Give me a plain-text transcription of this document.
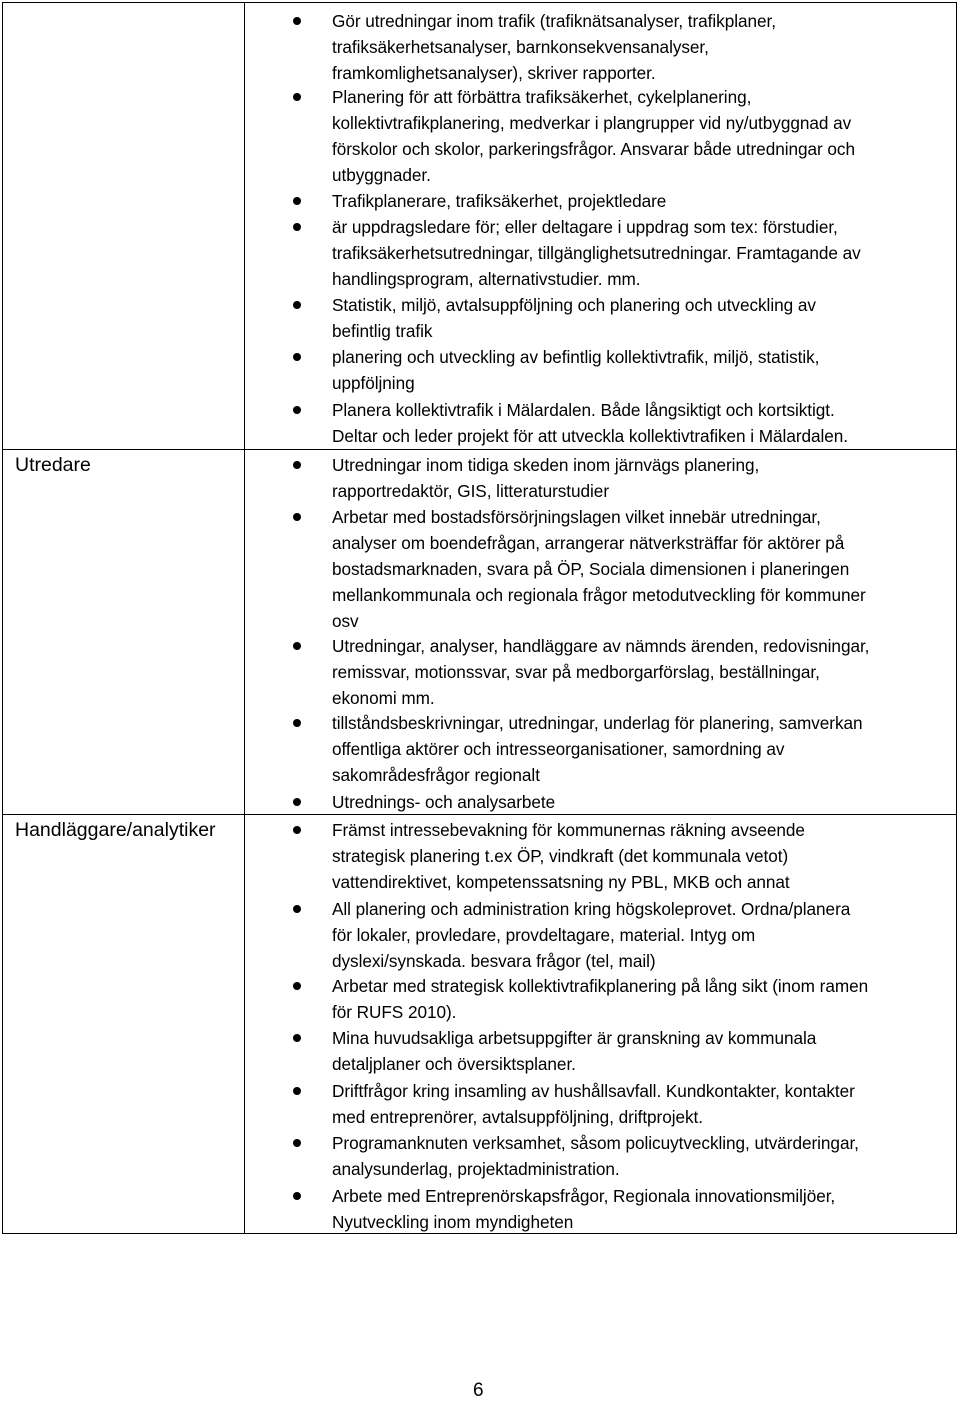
Utredare
Handläggare/analytiker
Gör utredningar inom trafik (trafiknätsanalyser, trafikplaner,
trafiksäkerhetsanalyser, barnkonsekvensanalyser,
framkomlighetsanalyser), skriver rapporter.
Planering för att förbättra trafiksäkerhet, cykelplanering,
kollektivtrafikplanering, medverkar i plangrupper vid ny/utbyggnad av
förskolor och skolor, parkeringsfrågor. Ansvarar både utredningar och
utbyggnader.
Trafikplanerare, trafiksäkerhet, projektledare
är uppdragsledare för; eller deltagare i uppdrag som tex: förstudier,
trafiksäkerhetsutredningar, tillgänglighetsutredningar. Framtagande av
handlingsprogram, alternativstudier. mm.
Statistik, miljö, avtalsuppföljning och planering och utveckling av
befintlig trafik
planering och utveckling av befintlig kollektivtrafik, miljö, statistik,
uppföljning
Planera kollektivtrafik i Mälardalen. Både långsiktigt och kortsiktigt.
Deltar och leder projekt för att utveckla kollektivtrafiken i Mälardalen.
Utredningar inom tidiga skeden inom järnvägs planering,
rapportredaktör, GIS, litteraturstudier
Arbetar med bostadsförsörjningslagen vilket innebär utredningar,
analyser om boendefrågan, arrangerar nätverksträffar för aktörer på
bostadsmarknaden, svara på ÖP, Sociala dimensionen i planeringen
mellankommunala och regionala frågor metodutveckling för kommuner
osv
Utredningar, analyser, handläggare av nämnds ärenden, redovisningar,
remissvar, motionssvar, svar på medborgarförslag, beställningar,
ekonomi mm.
tillståndsbeskrivningar, utredningar, underlag för planering, samverkan
offentliga aktörer och intresseorganisationer, samordning av
sakområdesfrågor regionalt
Utrednings- och analysarbete
Främst intressebevakning för kommunernas räkning avseende
strategisk planering t.ex ÖP, vindkraft (det kommunala vetot)
vattendirektivet, kompetenssatsning ny PBL, MKB och annat
All planering och administration kring högskoleprovet. Ordna/planera
för lokaler, provledare, provdeltagare, material. Intyg om
dyslexi/synskada. besvara frågor (tel, mail)
Arbetar med strategisk kollektivtrafikplanering på lång sikt (inom ramen
för RUFS 2010).
Mina huvudsakliga arbetsuppgifter är granskning av kommunala
detaljplaner och översiktsplaner.
Driftfrågor kring insamling av hushållsavfall. Kundkontakter, kontakter
med entreprenörer, avtalsuppföljning, driftprojekt.
Programanknuten verksamhet, såsom policuytveckling, utvärderingar,
analysunderlag, projektadministration.
Arbete med Entreprenörskapsfrågor, Regionala innovationsmiljöer,
Nyutveckling inom myndigheten
6
